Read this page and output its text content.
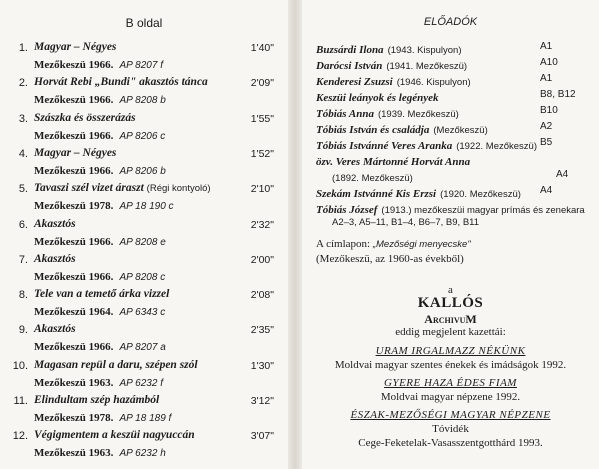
B oldal
1. Magyar – Négyes	1'40"
Mezőkeszü 1966. AP 8207 f
2. Horvát Rebi „Bundi" akasztós tánca	2'09"
Mezőkeszü 1966. AP 8208 b
3. Szászka és összerázás	1'55"
Mezőkeszü 1966. AP 8206 c
4. Magyar – Négyes	1'52"
Mezőkeszü 1966. AP 8206 b
5. Tavaszi szél vizet áraszt (Régi kontyoló)	2'10"
Mezőkeszü 1978. AP 18 190 c
6. Akasztós	2'32"
Mezőkeszü 1966. AP 8208 e
7. Akasztós	2'00"
Mezőkeszü 1966. AP 8208 c
8. Tele van a temető árka vizzel	2'08"
Mezőkeszü 1964. AP 6343 c
9. Akasztós	2'35"
Mezőkeszü 1966. AP 8207 a
10. Magasan repül a daru, szépen szól	1'30"
Mezőkeszü 1963. AP 6232 f
11. Elindultam szép hazámból	3'12"
Mezőkeszü 1978. AP 18 189 f
12. Végigmentem a keszüi nagyuccán	3'07"
Mezőkeszü 1963. AP 6232 h
ELŐADÓK
Buzsárdi Ilona (1943. Kispulyon)	A1
Darócsi István (1941. Mezőkeszü)	A10
Kenderesi Zsuzsi (1946. Kispulyon)	A1
Keszüi leányok és legények	B8, B12
Tóbiás Anna (1939. Mezőkeszü)	B10
Tóbiás István és családja (Mezőkeszü)	A2
Tóbiás Istvánné Veres Aranka (1922. Mezőkeszü) B5
özv. Veres Mártonné Horvát Anna
(1892. Mezőkeszü)	A4
Szekám Istvánné Kis Erzsi (1920. Mezőkeszü) A4
Tóbiás József (1913.) mezőkeszüi magyar prímás és zenekara
A2–3, A5–11, B1–4, B6–7, B9, B11
A címlapon: „Mezőségi menyecske"
(Mezőkeszü, az 1960-as évekből)
a
KALLÓS
ArchivuM
eddig megjelent kazettái:
URAM IRGALMAZZ NÉKÜNK
Moldvai magyar szentes énekek és imádságok 1992.
GYERE HAZA ÉDES FIAM
Moldvai magyar népzene 1992.
ÉSZAK-MEZŐSÉGI MAGYAR NÉPZENE
Tóvidék
Cege-Feketelak-Vasasszentgotthárd 1993.
